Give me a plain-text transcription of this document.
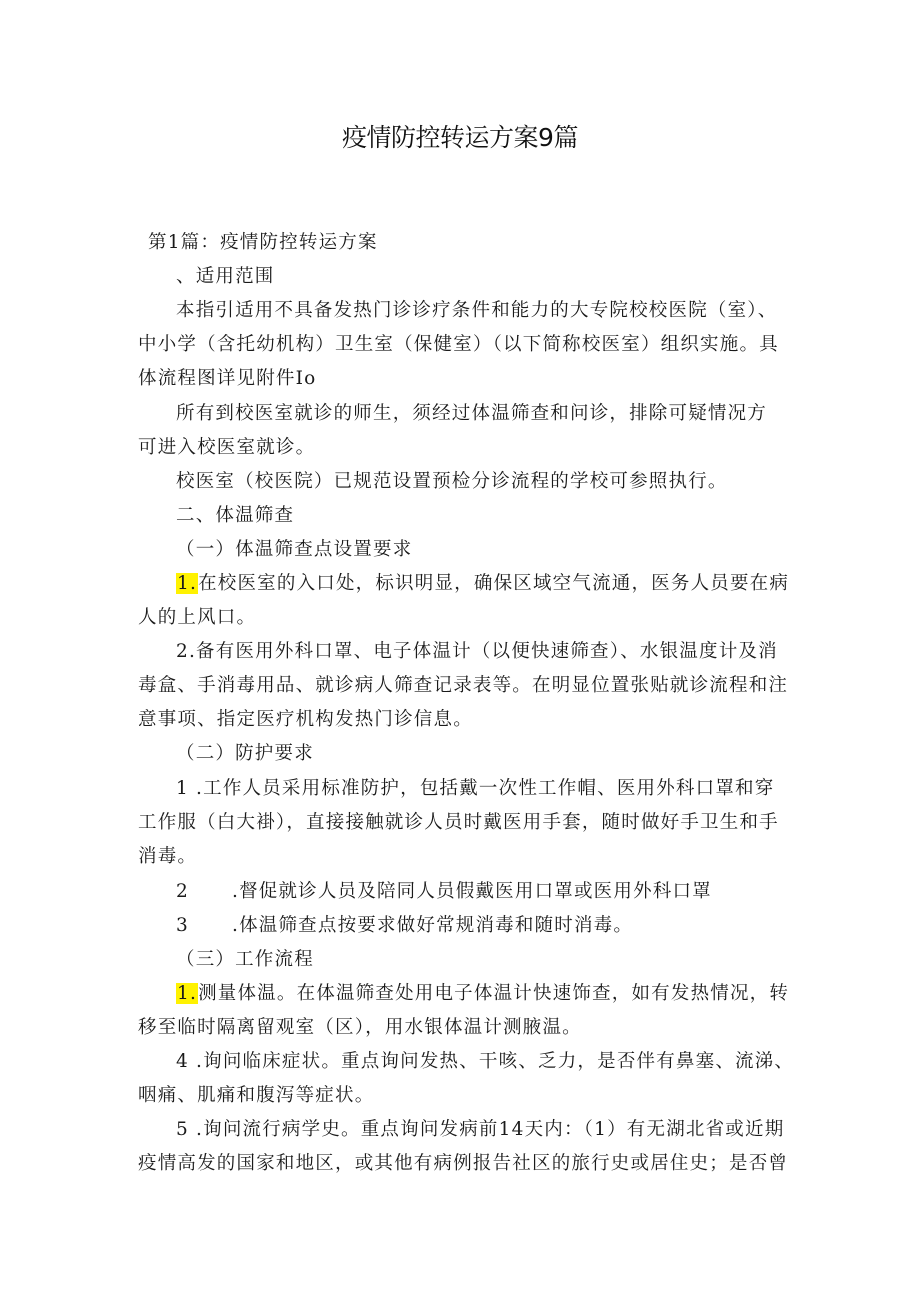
疫情防控转运方案9篇
第1篇：疫情防控转运方案
、适用范围
本指引适用不具备发热门诊诊疗条件和能力的大专院校校医院（室）、
中小学（含托幼机构）卫生室（保健室）（以下简称校医室）组织实施。具
体流程图详见附件Io
所有到校医室就诊的师生，须经过体温筛查和问诊，排除可疑情况方
可进入校医室就诊。
校医室（校医院）已规范设置预检分诊流程的学校可参照执行。
二、体温筛查
（一）体温筛查点设置要求
1.在校医室的入口处，标识明显，确保区域空气流通，医务人员要在病
人的上风口。
2.备有医用外科口罩、电子体温计（以便快速筛查）、水银温度计及消
毒盒、手消毒用品、就诊病人筛查记录表等。在明显位置张贴就诊流程和注
意事项、指定医疗机构发热门诊信息。
（二）防护要求
1 .工作人员采用标准防护，包括戴一次性工作帽、医用外科口罩和穿
工作服（白大褂），直接接触就诊人员时戴医用手套，随时做好手卫生和手
消毒。
2 .督促就诊人员及陪同人员假戴医用口罩或医用外科口罩
3 .体温筛查点按要求做好常规消毒和随时消毒。
（三）工作流程
1.测量体温。在体温筛查处用电子体温计快速饰查，如有发热情况，转
移至临时隔离留观室（区），用水银体温计测腋温。
4 .询问临床症状。重点询问发热、干咳、乏力，是否伴有鼻塞、流涕、
咽痛、肌痛和腹泻等症状。
5 .询问流行病学史。重点询问发病前14天内：（1）有无湖北省或近期
疫情高发的国家和地区，或其他有病例报告社区的旅行史或居住史；是否曾
